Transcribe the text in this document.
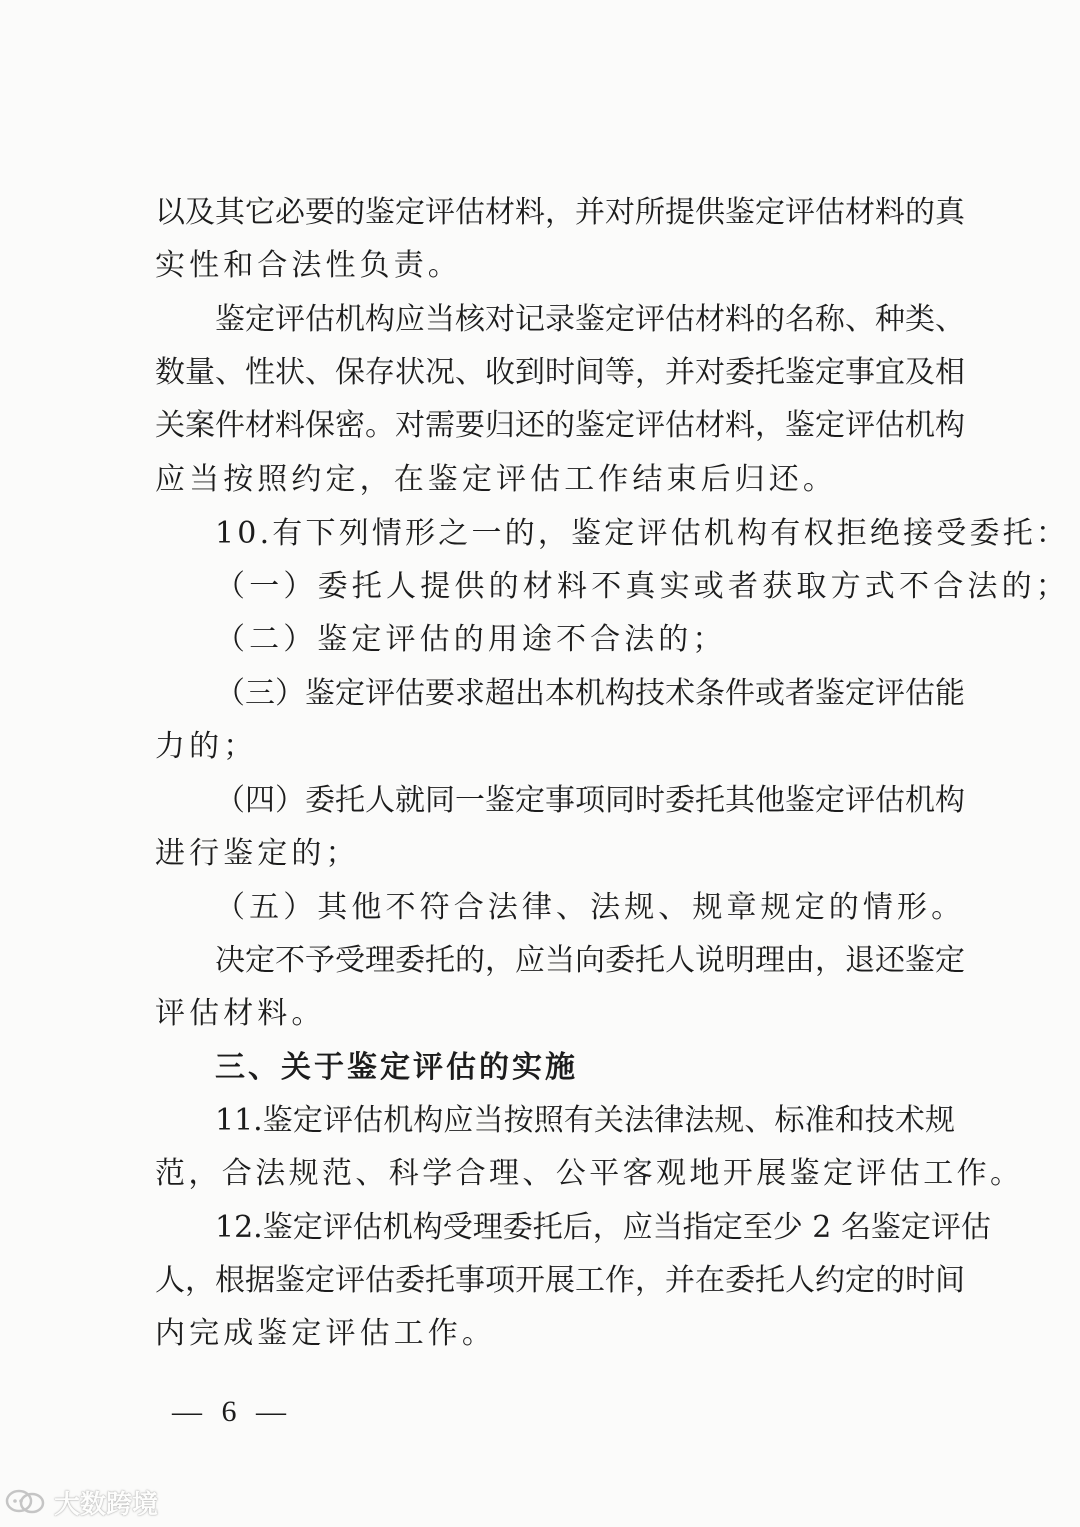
以及其它必要的鉴定评估材料，并对所提供鉴定评估材料的真
实性和合法性负责。
鉴定评估机构应当核对记录鉴定评估材料的名称、种类、
数量、性状、保存状况、收到时间等，并对委托鉴定事宜及相
关案件材料保密。对需要归还的鉴定评估材料，鉴定评估机构
应当按照约定，在鉴定评估工作结束后归还。
10.有下列情形之一的，鉴定评估机构有权拒绝接受委托：
（一）委托人提供的材料不真实或者获取方式不合法的；
（二）鉴定评估的用途不合法的；
（三）鉴定评估要求超出本机构技术条件或者鉴定评估能
力的；
（四）委托人就同一鉴定事项同时委托其他鉴定评估机构
进行鉴定的；
（五）其他不符合法律、法规、规章规定的情形。
决定不予受理委托的，应当向委托人说明理由，退还鉴定
评估材料。
三、关于鉴定评估的实施
11.鉴定评估机构应当按照有关法律法规、标准和技术规
范，合法规范、科学合理、公平客观地开展鉴定评估工作。
12.鉴定评估机构受理委托后，应当指定至少 2 名鉴定评估
人，根据鉴定评估委托事项开展工作，并在委托人约定的时间
内完成鉴定评估工作。
— 6 —
大数跨境
